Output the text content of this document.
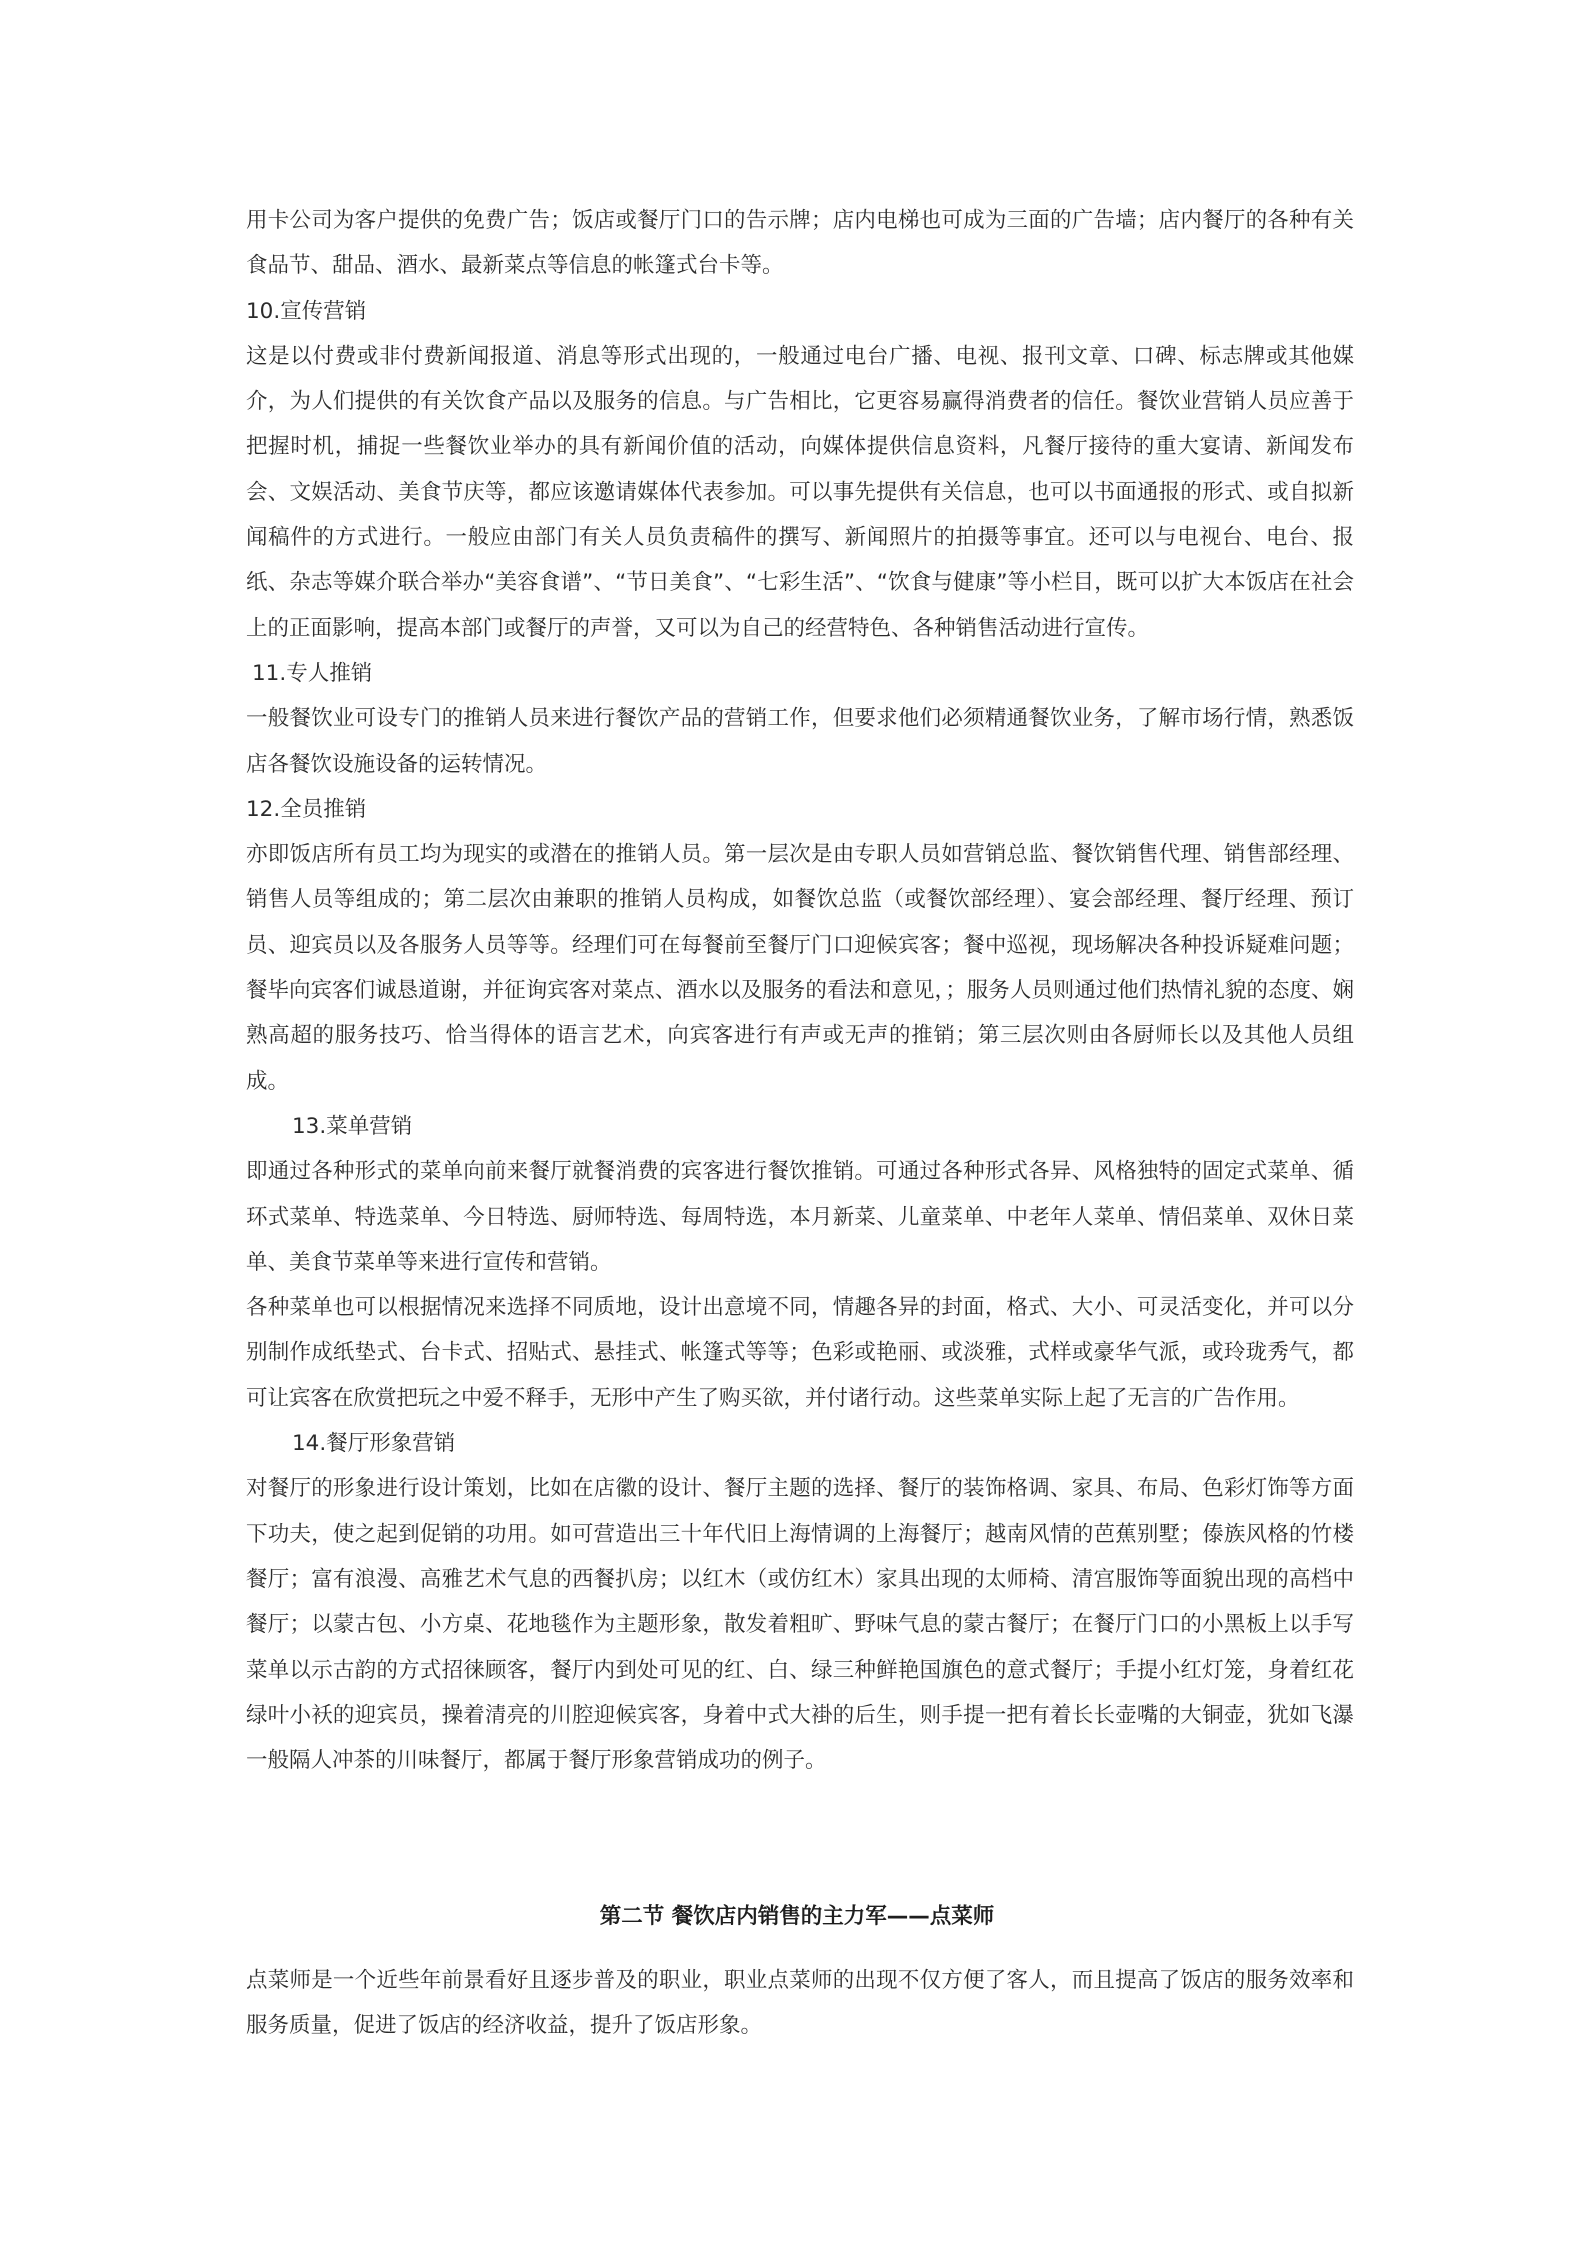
用卡公司为客户提供的免费广告；饭店或餐厅门口的告示牌；店内电梯也可成为三面的广告墙；店内餐厅的各种有关食品节、甜品、酒水、最新菜点等信息的帐篷式台卡等。

10.宣传营销

这是以付费或非付费新闻报道、消息等形式出现的，一般通过电台广播、电视、报刊文章、口碑、标志牌或其他媒介，为人们提供的有关饮食产品以及服务的信息。与广告相比，它更容易赢得消费者的信任。餐饮业营销人员应善于把握时机，捕捉一些餐饮业举办的具有新闻价值的活动，向媒体提供信息资料，凡餐厅接待的重大宴请、新闻发布会、文娱活动、美食节庆等，都应该邀请媒体代表参加。可以事先提供有关信息，也可以书面通报的形式、或自拟新闻稿件的方式进行。一般应由部门有关人员负责稿件的撰写、新闻照片的拍摄等事宜。还可以与电视台、电台、报纸、杂志等媒介联合举办“美容食谱”、“节日美食”、“七彩生活”、“饮食与健康”等小栏目，既可以扩大本饭店在社会上的正面影响，提高本部门或餐厅的声誉，又可以为自己的经营特色、各种销售活动进行宣传。

11.专人推销

一般餐饮业可设专门的推销人员来进行餐饮产品的营销工作，但要求他们必须精通餐饮业务，了解市场行情，熟悉饭店各餐饮设施设备的运转情况。

12.全员推销

亦即饭店所有员工均为现实的或潜在的推销人员。第一层次是由专职人员如营销总监、餐饮销售代理、销售部经理、销售人员等组成的；第二层次由兼职的推销人员构成，如餐饮总监（或餐饮部经理）、宴会部经理、餐厅经理、预订员、迎宾员以及各服务人员等等。经理们可在每餐前至餐厅门口迎候宾客；餐中巡视，现场解决各种投诉疑难问题；餐毕向宾客们诚恳道谢，并征询宾客对菜点、酒水以及服务的看法和意见，；服务人员则通过他们热情礼貌的态度、娴熟高超的服务技巧、恰当得体的语言艺术，向宾客进行有声或无声的推销；第三层次则由各厨师长以及其他人员组成。

13.菜单营销

即通过各种形式的菜单向前来餐厅就餐消费的宾客进行餐饮推销。可通过各种形式各异、风格独特的固定式菜单、循环式菜单、特选菜单、今日特选、厨师特选、每周特选，本月新菜、儿童菜单、中老年人菜单、情侣菜单、双休日菜单、美食节菜单等来进行宣传和营销。

各种菜单也可以根据情况来选择不同质地，设计出意境不同，情趣各异的封面，格式、大小、可灵活变化，并可以分别制作成纸垫式、台卡式、招贴式、悬挂式、帐篷式等等；色彩或艳丽、或淡雅，式样或豪华气派，或玲珑秀气，都可让宾客在欣赏把玩之中爱不释手，无形中产生了购买欲，并付诸行动。这些菜单实际上起了无言的广告作用。

14.餐厅形象营销

对餐厅的形象进行设计策划，比如在店徽的设计、餐厅主题的选择、餐厅的装饰格调、家具、布局、色彩灯饰等方面下功夫，使之起到促销的功用。如可营造出三十年代旧上海情调的上海餐厅；越南风情的芭蕉别墅；傣族风格的竹楼餐厅；富有浪漫、高雅艺术气息的西餐扒房；以红木（或仿红木）家具出现的太师椅、清宫服饰等面貌出现的高档中餐厅；以蒙古包、小方桌、花地毯作为主题形象，散发着粗旷、野味气息的蒙古餐厅；在餐厅门口的小黑板上以手写菜单以示古韵的方式招徕顾客，餐厅内到处可见的红、白、绿三种鲜艳国旗色的意式餐厅；手提小红灯笼，身着红花绿叶小袄的迎宾员，操着清亮的川腔迎候宾客，身着中式大褂的后生，则手提一把有着长长壶嘴的大铜壶，犹如飞瀑一般隔人冲茶的川味餐厅，都属于餐厅形象营销成功的例子。

第二节 餐饮店内销售的主力军——点菜师

点菜师是一个近些年前景看好且逐步普及的职业，职业点菜师的出现不仅方便了客人，而且提高了饭店的服务效率和服务质量，促进了饭店的经济收益，提升了饭店形象。
